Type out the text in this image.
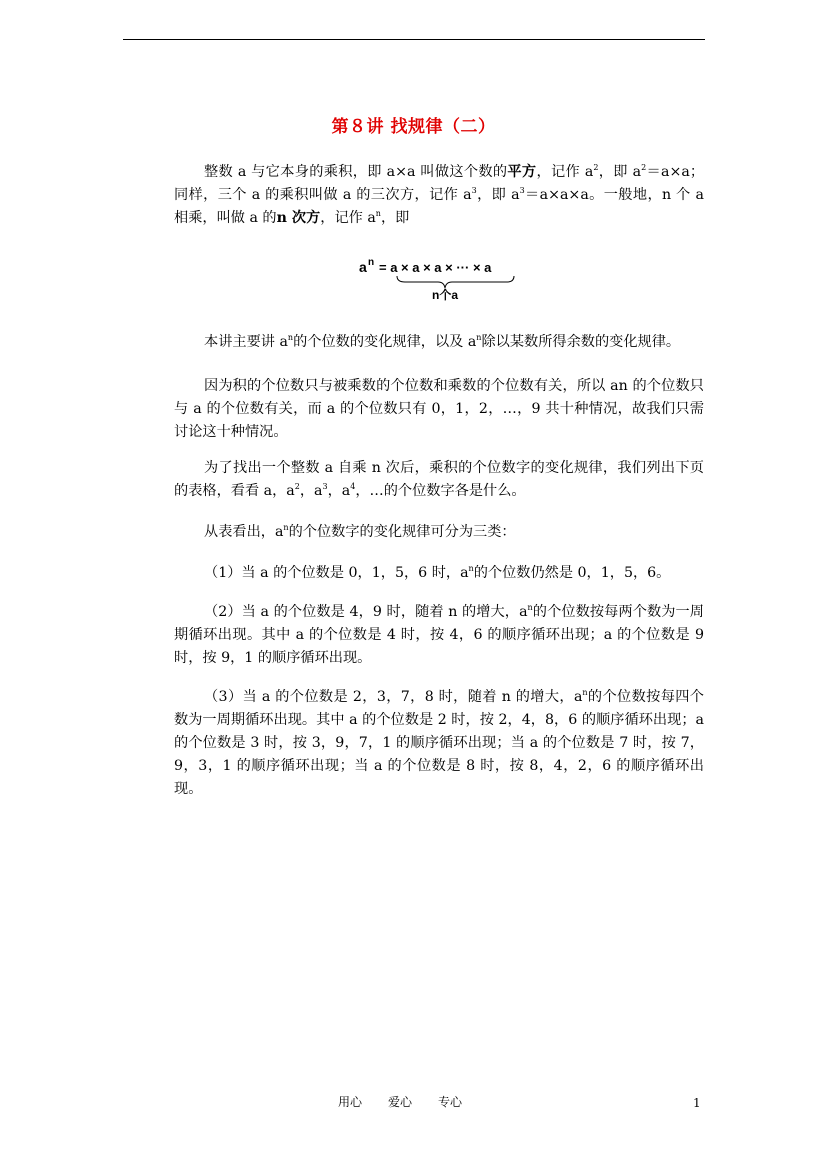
第８讲 找规律（二）
整数 a 与它本身的乘积，即 a×a 叫做这个数的平方，记作 $a^2$，即 $a^2=a\times a$；同样，三个 a 的乘积叫做 a 的三次方，记作 $a^3$，即 $a^3=a\times a\times a$。一般地，n 个 a 相乘，叫做 a 的n 次方，记作 $a^n$，即
a n = a × a × a × ··· × a
n个a
本讲主要讲 $a^n$的个位数的变化规律，以及 $a^n$除以某数所得余数的变化规律。
因为积的个位数只与被乘数的个位数和乘数的个位数有关，所以 an 的个位数只与 a 的个位数有关，而 a 的个位数只有 0，1，2，…，9 共十种情况，故我们只需讨论这十种情况。
为了找出一个整数 a 自乘 n 次后，乘积的个位数字的变化规律，我们列出下页的表格，看看 a，$a^2$，$a^3$，$a^4$，…的个位数字各是什么。
从表看出，$a^n$的个位数字的变化规律可分为三类：
（1）当 a 的个位数是 0，1，5，6 时，$a^n$的个位数仍然是 0，1，5，6。
（2）当 a 的个位数是 4，9 时，随着 n 的增大，$a^n$的个位数按每两个数为一周期循环出现。其中 a 的个位数是 4 时，按 4，6 的顺序循环出现；a 的个位数是 9 时，按 9，1 的顺序循环出现。
（3）当 a 的个位数是 2，3，7，8 时，随着 n 的增大，$a^n$的个位数按每四个数为一周期循环出现。其中 a 的个位数是 2 时，按 2，4，8，6 的顺序循环出现；a 的个位数是 3 时，按 3，9，7，1 的顺序循环出现；当 a 的个位数是 7 时，按 7，9，3，1 的顺序循环出现；当 a 的个位数是 8 时，按 8，4，2，6 的顺序循环出现。
用心 爱心 专心	1
